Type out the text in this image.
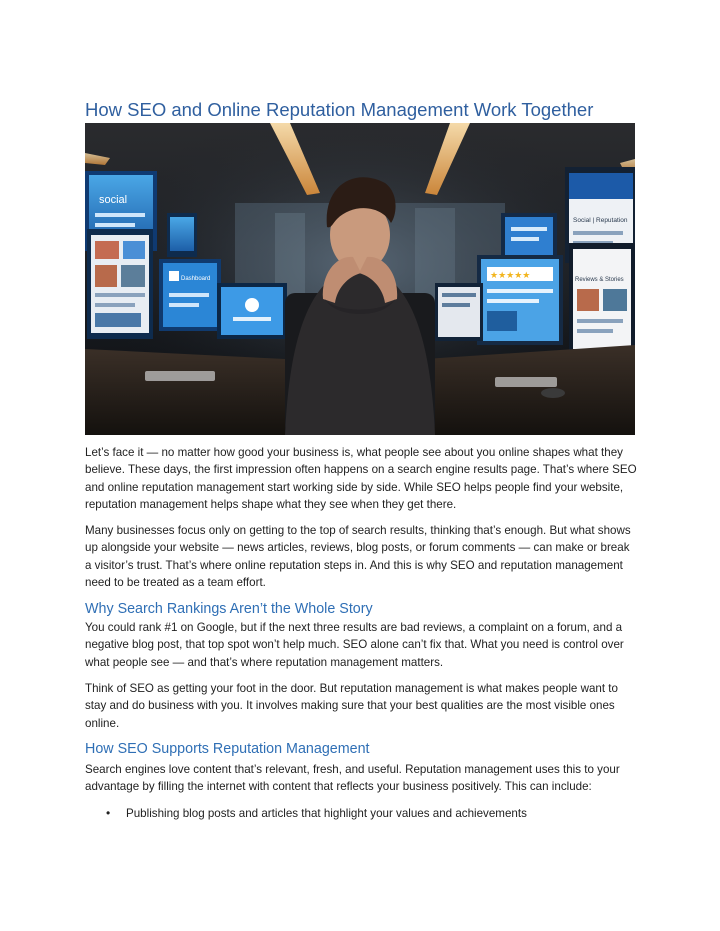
How SEO and Online Reputation Management Work Together
social
Dashboard
Social | Reputation
★★★★★	Reviews & Stories

Let’s face it — no matter how good your business is, what people see about you online shapes what they believe. These days, the first impression often happens on a search engine results page. That’s where SEO and online reputation management start working side by side. While SEO helps people find your website, reputation management helps shape what they see when they get there.

Many businesses focus only on getting to the top of search results, thinking that’s enough. But what shows up alongside your website — news articles, reviews, blog posts, or forum comments — can make or break a visitor’s trust. That’s where online reputation steps in. And this is why SEO and reputation management need to be treated as a team effort.

Why Search Rankings Aren’t the Whole Story

You could rank #1 on Google, but if the next three results are bad reviews, a complaint on a forum, and a negative blog post, that top spot won’t help much. SEO alone can’t fix that. What you need is control over what people see — and that’s where reputation management matters.

Think of SEO as getting your foot in the door. But reputation management is what makes people want to stay and do business with you. It involves making sure that your best qualities are the most visible ones online.

How SEO Supports Reputation Management

Search engines love content that’s relevant, fresh, and useful. Reputation management uses this to your advantage by filling the internet with content that reflects your business positively. This can include:

• Publishing blog posts and articles that highlight your values and achievements
